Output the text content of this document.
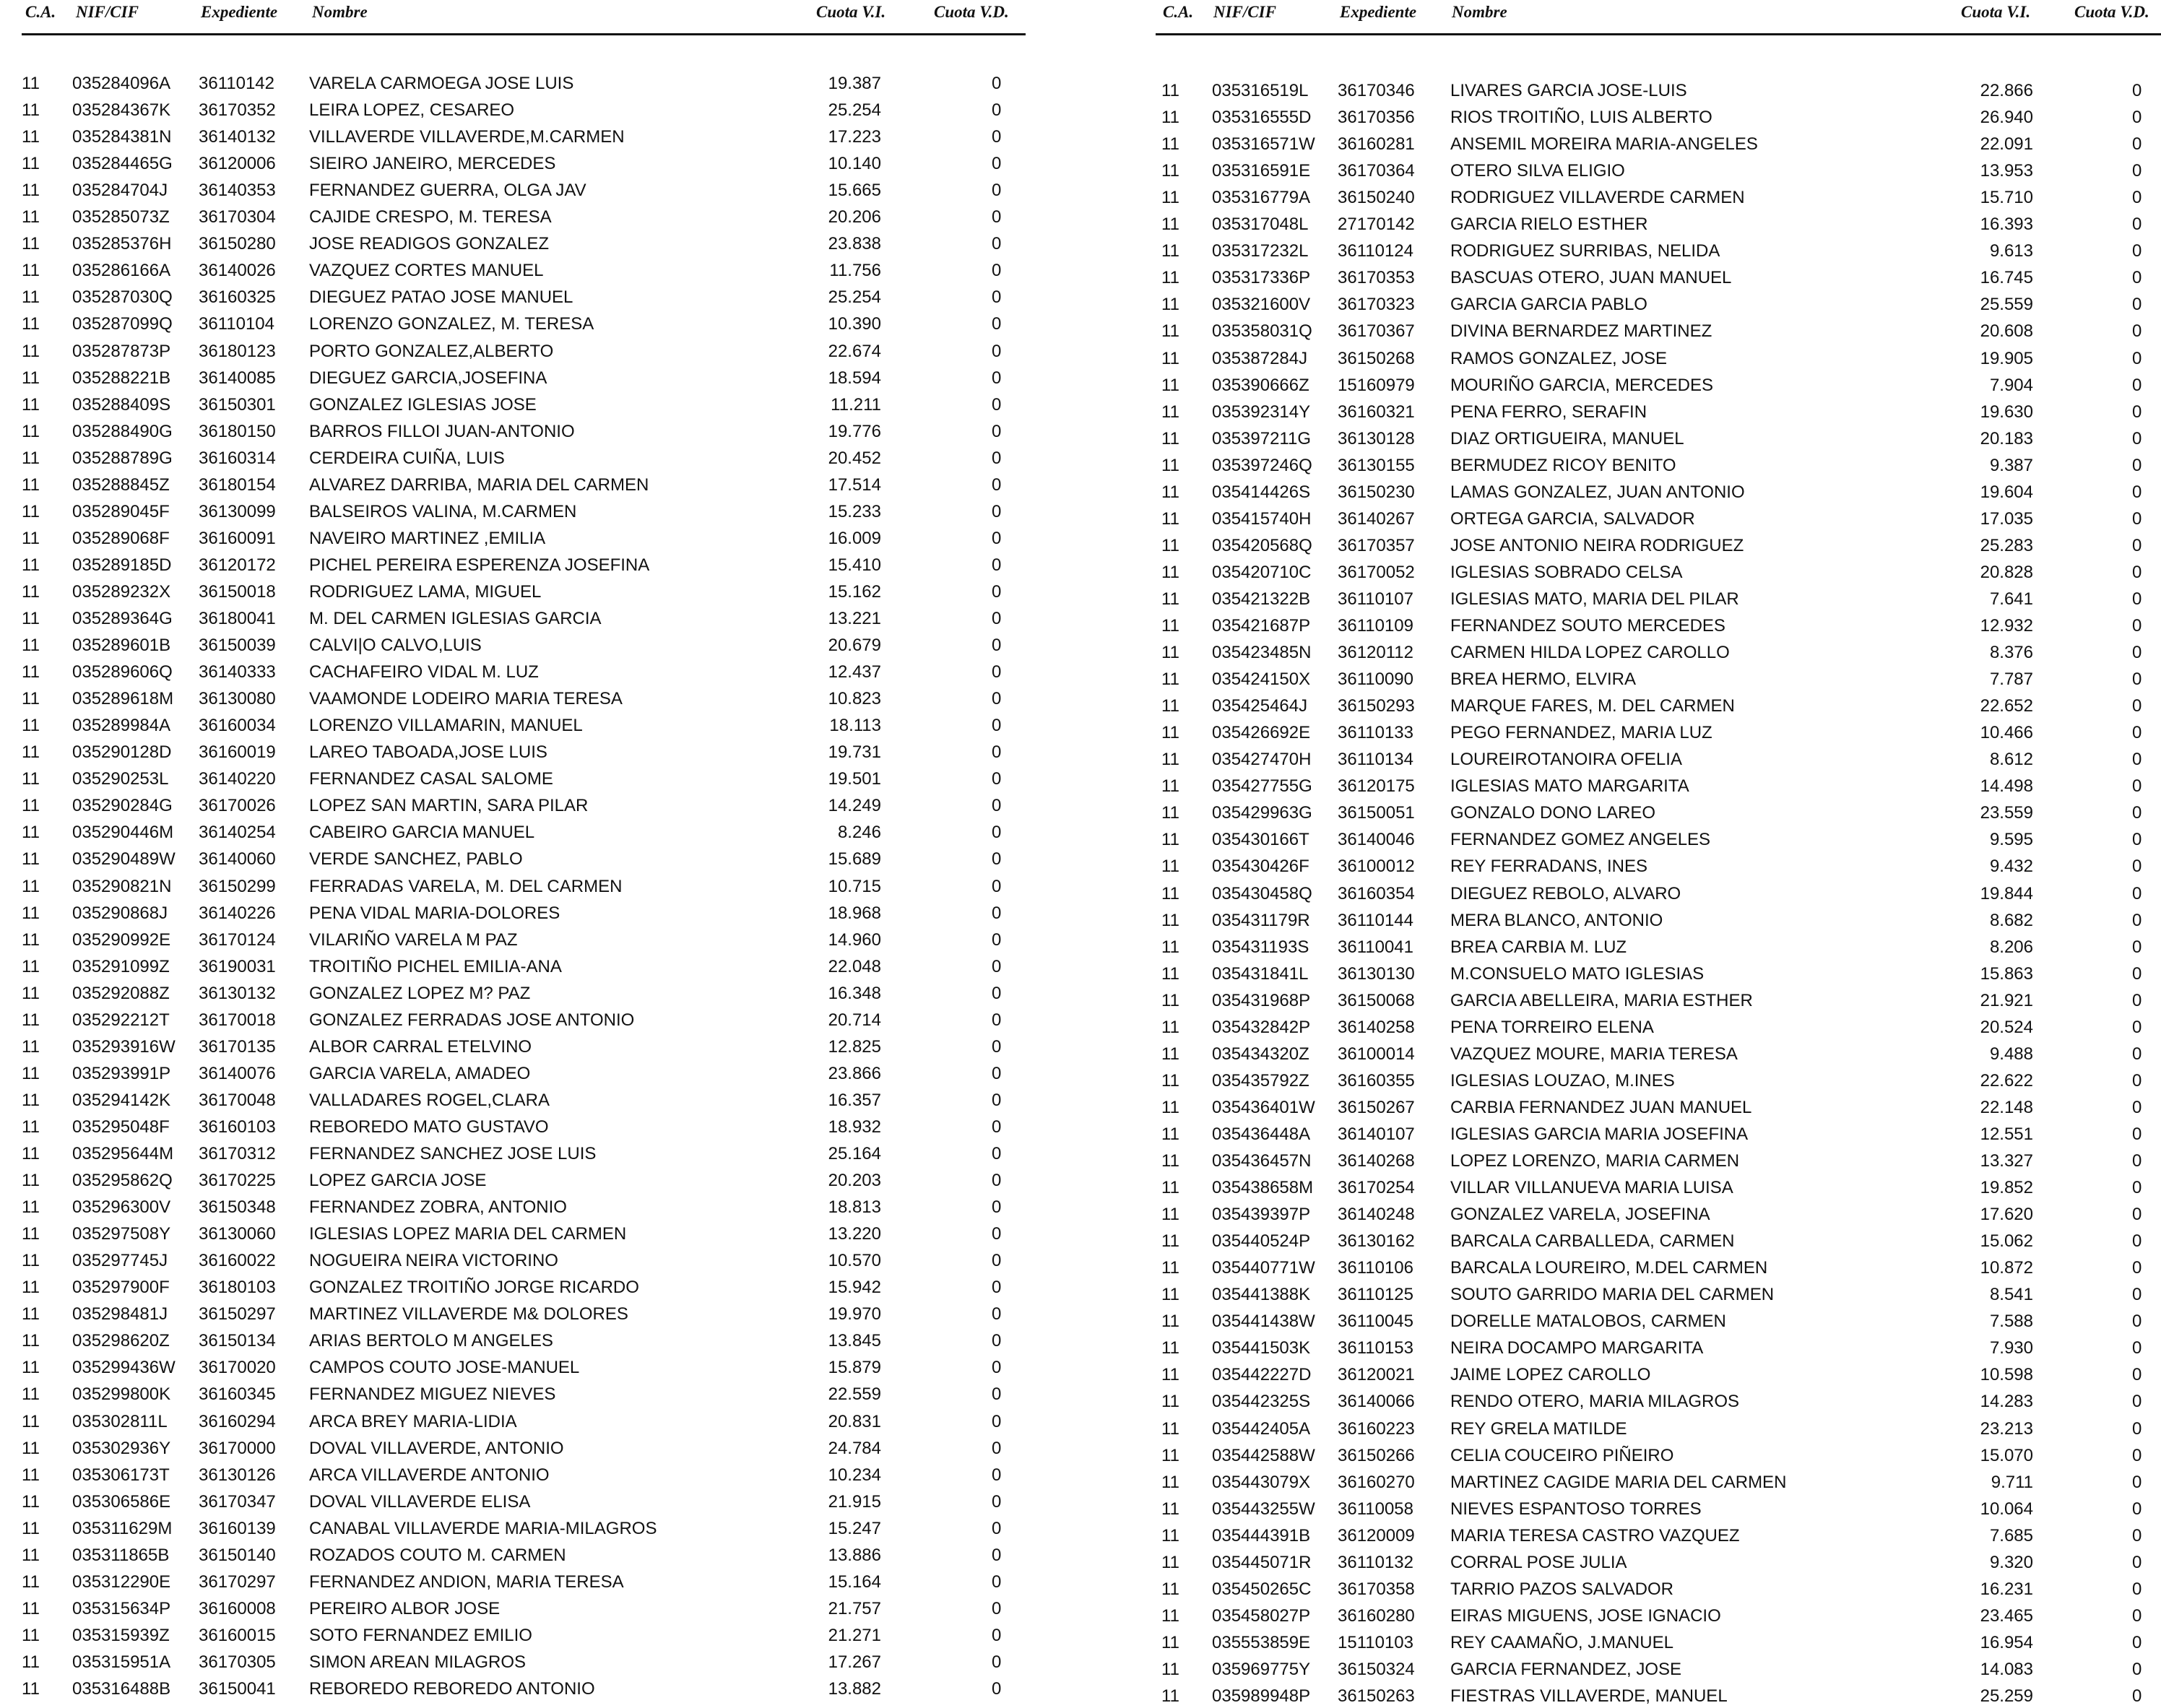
C.A. NIF/CIF	Expediente Nombre	Cuota V.I.	Cuota V.D.
11 035284096A 36110142 VARELA CARMOEGA JOSE LUIS	19.387	0
11 035284367K 36170352 LEIRA LOPEZ, CESAREO	25.254	0
11 035284381N 36140132 VILLAVERDE VILLAVERDE,M.CARMEN	17.223	0
11 035284465G 36120006 SIEIRO JANEIRO, MERCEDES	10.140	0
11 035284704J 36140353 FERNANDEZ GUERRA, OLGA JAV	15.665	0
11 035285073Z 36170304 CAJIDE CRESPO, M. TERESA	20.206	0
11 035285376H 36150280 JOSE READIGOS GONZALEZ	23.838	0
11 035286166A 36140026 VAZQUEZ CORTES MANUEL	11.756	0
11 035287030Q 36160325 DIEGUEZ PATAO JOSE MANUEL	25.254	0
11 035287099Q 36110104 LORENZO GONZALEZ, M. TERESA	10.390	0
11 035287873P 36180123 PORTO GONZALEZ,ALBERTO	22.674	0
11 035288221B 36140085 DIEGUEZ GARCIA,JOSEFINA	18.594	0
11 035288409S 36150301 GONZALEZ IGLESIAS JOSE	11.211	0
11 035288490G 36180150 BARROS FILLOI JUAN-ANTONIO	19.776	0
11 035288789G 36160314 CERDEIRA CUIÑA, LUIS	20.452	0
11 035288845Z 36180154 ALVAREZ DARRIBA, MARIA DEL CARMEN	17.514	0
11 035289045F 36130099 BALSEIROS VALINA, M.CARMEN	15.233	0
11 035289068F 36160091 NAVEIRO MARTINEZ ,EMILIA	16.009	0
11 035289185D 36120172 PICHEL PEREIRA ESPERENZA JOSEFINA	15.410	0
11 035289232X 36150018 RODRIGUEZ LAMA, MIGUEL	15.162	0
11 035289364G 36180041 M. DEL CARMEN IGLESIAS GARCIA	13.221	0
11 035289601B 36150039 CALVI|O CALVO,LUIS	20.679	0
11 035289606Q 36140333 CACHAFEIRO VIDAL M. LUZ	12.437	0
11 035289618M 36130080 VAAMONDE LODEIRO MARIA TERESA	10.823	0
11 035289984A 36160034 LORENZO VILLAMARIN, MANUEL	18.113	0
11 035290128D 36160019 LAREO TABOADA,JOSE LUIS	19.731	0
11 035290253L 36140220 FERNANDEZ CASAL SALOME	19.501	0
11 035290284G 36170026 LOPEZ SAN MARTIN, SARA PILAR	14.249	0
11 035290446M 36140254 CABEIRO GARCIA MANUEL	8.246	0
11 035290489W 36140060 VERDE SANCHEZ, PABLO	15.689	0
11 035290821N 36150299 FERRADAS VARELA, M. DEL CARMEN	10.715	0
11 035290868J 36140226 PENA VIDAL MARIA-DOLORES	18.968	0
11 035290992E 36170124 VILARIÑO VARELA M PAZ	14.960	0
11 035291099Z 36190031 TROITIÑO PICHEL EMILIA-ANA	22.048	0
11 035292088Z 36130132 GONZALEZ LOPEZ M? PAZ	16.348	0
11 035292212T 36170018 GONZALEZ FERRADAS JOSE ANTONIO	20.714	0
11 035293916W 36170135 ALBOR CARRAL ETELVINO	12.825	0
11 035293991P 36140076 GARCIA VARELA, AMADEO	23.866	0
11 035294142K 36170048 VALLADARES ROGEL,CLARA	16.357	0
11 035295048F 36160103 REBOREDO MATO GUSTAVO	18.932	0
11 035295644M 36170312 FERNANDEZ SANCHEZ JOSE LUIS	25.164	0
11 035295862Q 36170225 LOPEZ GARCIA JOSE	20.203	0
11 035296300V 36150348 FERNANDEZ ZOBRA, ANTONIO	18.813	0
11 035297508Y 36130060 IGLESIAS LOPEZ MARIA DEL CARMEN	13.220	0
11 035297745J 36160022 NOGUEIRA NEIRA VICTORINO	10.570	0
11 035297900F 36180103 GONZALEZ TROITIÑO JORGE RICARDO	15.942	0
11 035298481J 36150297 MARTINEZ VILLAVERDE M& DOLORES	19.970	0
11 035298620Z 36150134 ARIAS BERTOLO M ANGELES	13.845	0
11 035299436W 36170020 CAMPOS COUTO JOSE-MANUEL	15.879	0
11 035299800K 36160345 FERNANDEZ MIGUEZ NIEVES	22.559	0
11 035302811L 36160294 ARCA BREY MARIA-LIDIA	20.831	0
11 035302936Y 36170000 DOVAL VILLAVERDE, ANTONIO	24.784	0
11 035306173T 36130126 ARCA VILLAVERDE ANTONIO	10.234	0
11 035306586E 36170347 DOVAL VILLAVERDE ELISA	21.915	0
11 035311629M 36160139 CANABAL VILLAVERDE MARIA-MILAGROS	15.247	0
11 035311865B 36150140 ROZADOS COUTO M. CARMEN	13.886	0
11 035312290E 36170297 FERNANDEZ ANDION, MARIA TERESA	15.164	0
11 035315634P 36160008 PEREIRO ALBOR JOSE	21.757	0
11 035315939Z 36160015 SOTO FERNANDEZ EMILIO	21.271	0
11 035315951A 36170305 SIMON AREAN MILAGROS	17.267	0
11 035316488B 36150041 REBOREDO REBOREDO ANTONIO	13.882	0
C.A. NIF/CIF	Expediente Nombre	Cuota V.I.	Cuota V.D.
11 035316519L 36170346 LIVARES GARCIA JOSE-LUIS	22.866	0
11 035316555D 36170356 RIOS TROITIÑO, LUIS ALBERTO	26.940	0
11 035316571W 36160281 ANSEMIL MOREIRA MARIA-ANGELES	22.091	0
11 035316591E 36170364 OTERO SILVA ELIGIO	13.953	0
11 035316779A 36150240 RODRIGUEZ VILLAVERDE CARMEN	15.710	0
11 035317048L 27170142 GARCIA RIELO ESTHER	16.393	0
11 035317232L 36110124 RODRIGUEZ SURRIBAS, NELIDA	9.613	0
11 035317336P 36170353 BASCUAS OTERO, JUAN MANUEL	16.745	0
11 035321600V 36170323 GARCIA GARCIA PABLO	25.559	0
11 035358031Q 36170367 DIVINA BERNARDEZ MARTINEZ	20.608	0
11 035387284J 36150268 RAMOS GONZALEZ, JOSE	19.905	0
11 035390666Z 15160979 MOURIÑO GARCIA, MERCEDES	7.904	0
11 035392314Y 36160321 PENA FERRO, SERAFIN	19.630	0
11 035397211G 36130128 DIAZ ORTIGUEIRA, MANUEL	20.183	0
11 035397246Q 36130155 BERMUDEZ RICOY BENITO	9.387	0
11 035414426S 36150230 LAMAS GONZALEZ, JUAN ANTONIO	19.604	0
11 035415740H 36140267 ORTEGA GARCIA, SALVADOR	17.035	0
11 035420568Q 36170357 JOSE ANTONIO NEIRA RODRIGUEZ	25.283	0
11 035420710C 36170052 IGLESIAS SOBRADO CELSA	20.828	0
11 035421322B 36110107 IGLESIAS MATO, MARIA DEL PILAR	7.641	0
11 035421687P 36110109 FERNANDEZ SOUTO MERCEDES	12.932	0
11 035423485N 36120112 CARMEN HILDA LOPEZ CAROLLO	8.376	0
11 035424150X 36110090 BREA HERMO, ELVIRA	7.787	0
11 035425464J 36150293 MARQUE FARES, M. DEL CARMEN	22.652	0
11 035426692E 36110133 PEGO FERNANDEZ, MARIA LUZ	10.466	0
11 035427470H 36110134 LOUREIROTANOIRA OFELIA	8.612	0
11 035427755G 36120175 IGLESIAS MATO MARGARITA	14.498	0
11 035429963G 36150051 GONZALO DONO LAREO	23.559	0
11 035430166T 36140046 FERNANDEZ GOMEZ ANGELES	9.595	0
11 035430426F 36100012 REY FERRADANS, INES	9.432	0
11 035430458Q 36160354 DIEGUEZ REBOLO, ALVARO	19.844	0
11 035431179R 36110144 MERA BLANCO, ANTONIO	8.682	0
11 035431193S 36110041 BREA CARBIA M. LUZ	8.206	0
11 035431841L 36130130 M.CONSUELO MATO IGLESIAS	15.863	0
11 035431968P 36150068 GARCIA ABELLEIRA, MARIA ESTHER	21.921	0
11 035432842P 36140258 PENA TORREIRO ELENA	20.524	0
11 035434320Z 36100014 VAZQUEZ MOURE, MARIA TERESA	9.488	0
11 035435792Z 36160355 IGLESIAS LOUZAO, M.INES	22.622	0
11 035436401W 36150267 CARBIA FERNANDEZ JUAN MANUEL	22.148	0
11 035436448A 36140107 IGLESIAS GARCIA MARIA JOSEFINA	12.551	0
11 035436457N 36140268 LOPEZ LORENZO, MARIA CARMEN	13.327	0
11 035438658M 36170254 VILLAR VILLANUEVA MARIA LUISA	19.852	0
11 035439397P 36140248 GONZALEZ VARELA, JOSEFINA	17.620	0
11 035440524P 36130162 BARCALA CARBALLEDA, CARMEN	15.062	0
11 035440771W 36110106 BARCALA LOUREIRO, M.DEL CARMEN	10.872	0
11 035441388K 36110125 SOUTO GARRIDO MARIA DEL CARMEN	8.541	0
11 035441438W 36110045 DORELLE MATALOBOS, CARMEN	7.588	0
11 035441503K 36110153 NEIRA DOCAMPO MARGARITA	7.930	0
11 035442227D 36120021 JAIME LOPEZ CAROLLO	10.598	0
11 035442325S 36140066 RENDO OTERO, MARIA MILAGROS	14.283	0
11 035442405A 36160223 REY GRELA MATILDE	23.213	0
11 035442588W 36150266 CELIA COUCEIRO PIÑEIRO	15.070	0
11 035443079X 36160270 MARTINEZ CAGIDE MARIA DEL CARMEN	9.711	0
11 035443255W 36110058 NIEVES ESPANTOSO TORRES	10.064	0
11 035444391B 36120009 MARIA TERESA CASTRO VAZQUEZ	7.685	0
11 035445071R 36110132 CORRAL POSE JULIA	9.320	0
11 035450265C 36170358 TARRIO PAZOS SALVADOR	16.231	0
11 035458027P 36160280 EIRAS MIGUENS, JOSE IGNACIO	23.465	0
11 035553859E 15110103 REY CAAMAÑO, J.MANUEL	16.954	0
11 035969775Y 36150324 GARCIA FERNANDEZ, JOSE	14.083	0
11 035989948P 36150263 FIESTRAS VILLAVERDE, MANUEL	25.259	0
